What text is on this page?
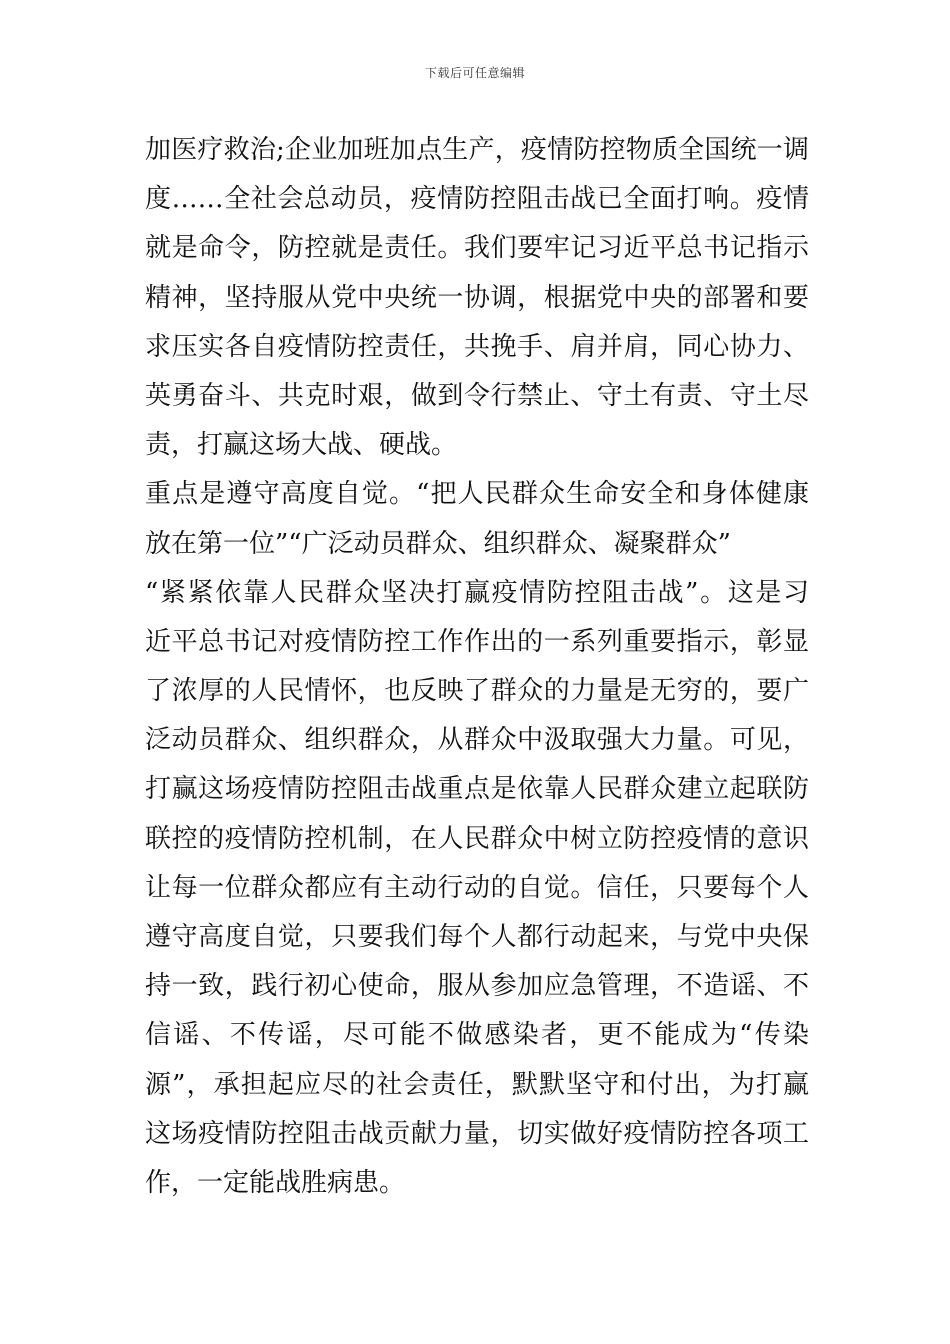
下载后可任意编辑

加医疗救治;企业加班加点生产，疫情防控物质全国统一调
度……全社会总动员，疫情防控阻击战已全面打响。疫情
就是命令，防控就是责任。我们要牢记习近平总书记指示
精神，坚持服从党中央统一协调，根据党中央的部署和要
求压实各自疫情防控责任，共挽手、肩并肩，同心协力、
英勇奋斗、共克时艰，做到令行禁止、守土有责、守土尽
责，打赢这场大战、硬战。

重点是遵守高度自觉。“把人民群众生命安全和身体健康
放在第一位”“广泛动员群众、组织群众、凝聚群众”
“紧紧依靠人民群众坚决打赢疫情防控阻击战”。这是习
近平总书记对疫情防控工作作出的一系列重要指示，彰显
了浓厚的人民情怀，也反映了群众的力量是无穷的，要广
泛动员群众、组织群众，从群众中汲取强大力量。可见，
打赢这场疫情防控阻击战重点是依靠人民群众建立起联防
联控的疫情防控机制，在人民群众中树立防控疫情的意识
让每一位群众都应有主动行动的自觉。信任，只要每个人
遵守高度自觉，只要我们每个人都行动起来，与党中央保
持一致，践行初心使命，服从参加应急管理，不造谣、不
信谣、不传谣，尽可能不做感染者，更不能成为“传染
源”，承担起应尽的社会责任，默默坚守和付出，为打赢
这场疫情防控阻击战贡献力量，切实做好疫情防控各项工
作，一定能战胜病患。
